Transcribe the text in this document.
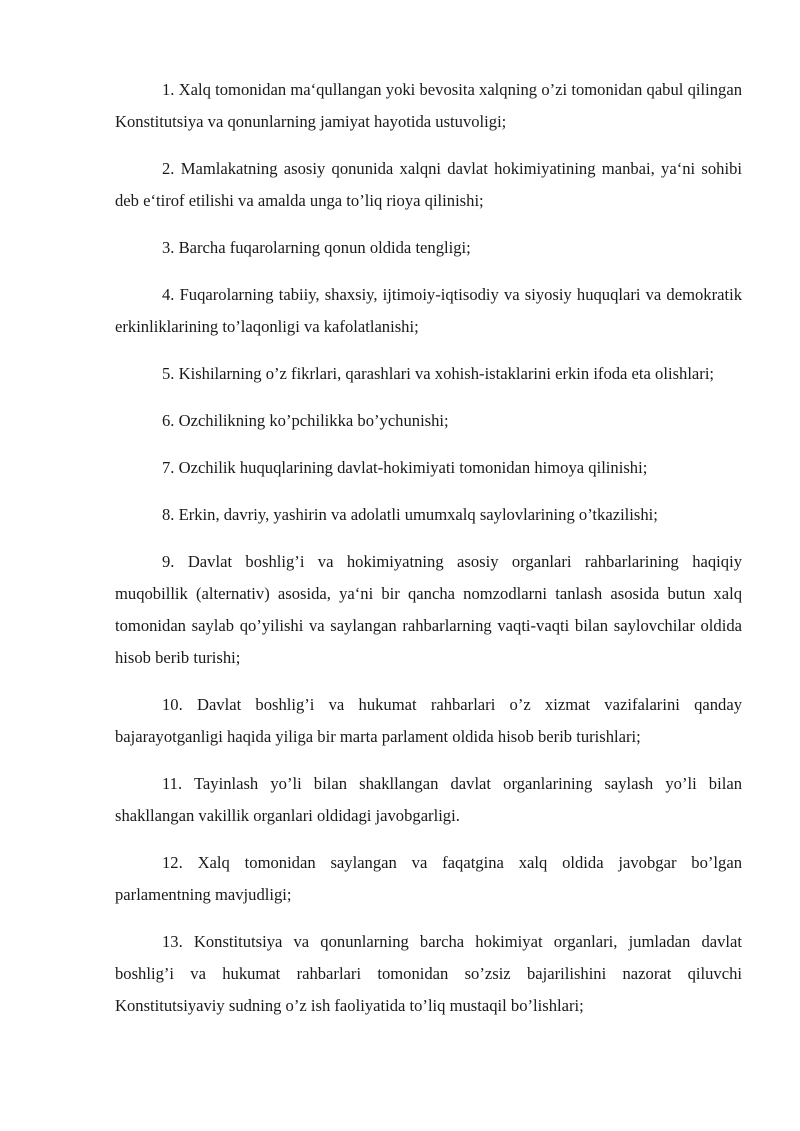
1. Xalq tomonidan ma‘qullangan yoki bevosita xalqning o’zi tomonidan qabul qilingan Konstitutsiya va qonunlarning jamiyat hayotida ustuvoligi;

2. Mamlakatning asosiy qonunida xalqni davlat hokimiyatining manbai, ya‘ni sohibi deb e‘tirof etilishi va amalda unga to’liq rioya qilinishi;

3. Barcha fuqarolarning qonun oldida tengligi;

4. Fuqarolarning tabiiy, shaxsiy, ijtimoiy-iqtisodiy va siyosiy huquqlari va demokratik erkinliklarining to’laqonligi va kafolatlanishi;

5. Kishilarning o’z fikrlari, qarashlari va xohish-istaklarini erkin ifoda eta olishlari;

6. Ozchilikning ko’pchilikka bo’ychunishi;

7. Ozchilik huquqlarining davlat-hokimiyati tomonidan himoya qilinishi;

8. Erkin, davriy, yashirin va adolatli umumxalq saylovlarining o’tkazilishi;

9. Davlat boshlig’i va hokimiyatning asosiy organlari rahbarlarining haqiqiy muqobillik (alternativ) asosida, ya‘ni bir qancha nomzodlarni tanlash asosida butun xalq tomonidan saylab qo’yilishi va saylangan rahbarlarning vaqti-vaqti bilan saylovchilar oldida hisob berib turishi;

10. Davlat boshlig’i va hukumat rahbarlari o’z xizmat vazifalarini qanday bajarayotganligi haqida yiliga bir marta parlament oldida hisob berib turishlari;

11. Tayinlash yo’li bilan shakllangan davlat organlarining saylash yo’li bilan shakllangan vakillik organlari oldidagi javobgarligi.

12. Xalq tomonidan saylangan va faqatgina xalq oldida javobgar bo’lgan parlamentning mavjudligi;

13. Konstitutsiya va qonunlarning barcha hokimiyat organlari, jumladan davlat boshlig’i va hukumat rahbarlari tomonidan so’zsiz bajarilishini nazorat qiluvchi Konstitutsiyaviy sudning o’z ish faoliyatida to’liq mustaqil bo’lishlari;
